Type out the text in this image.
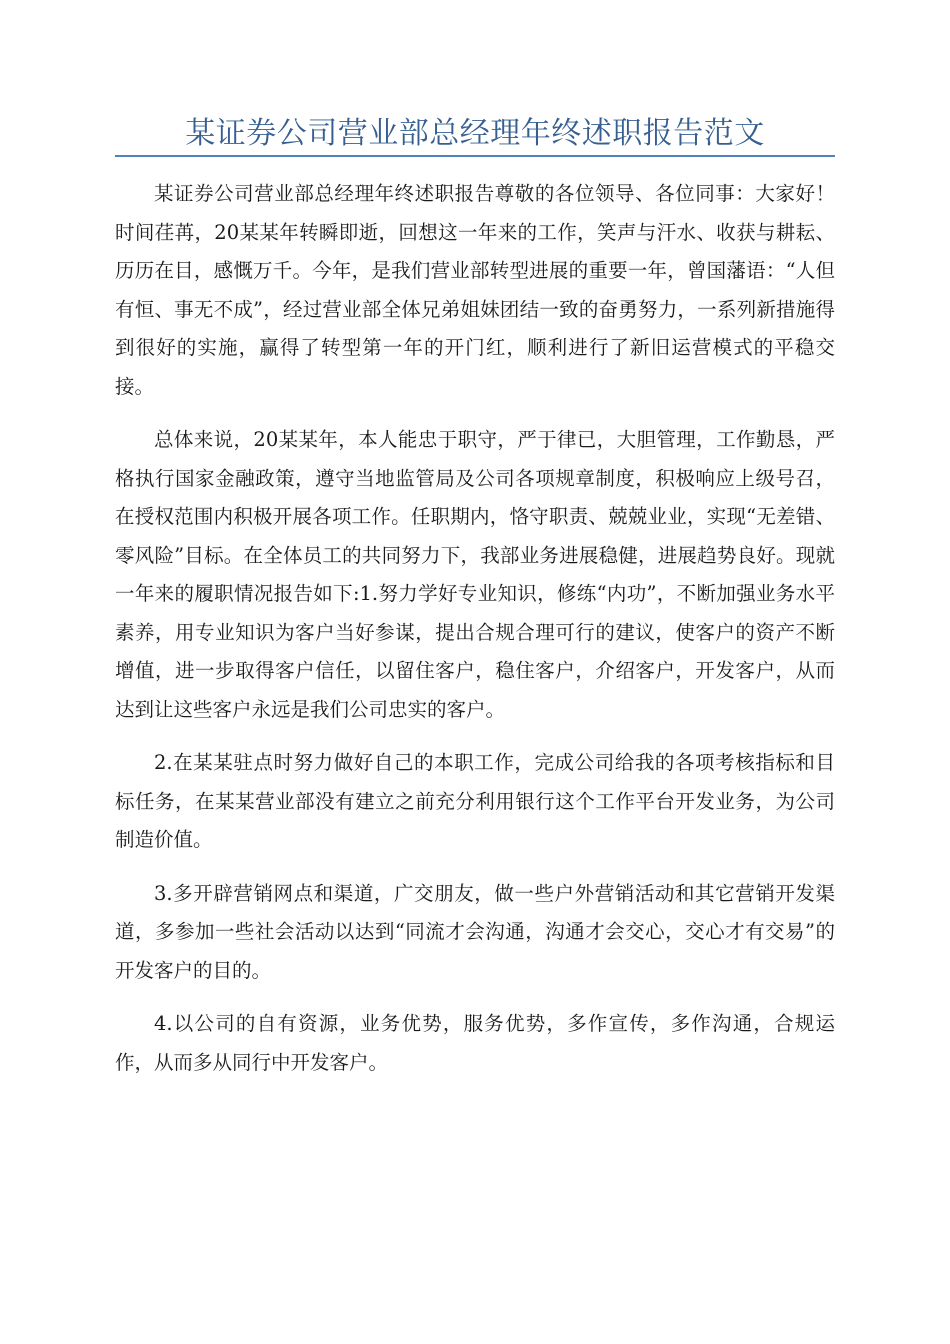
某证券公司营业部总经理年终述职报告范文

某证券公司营业部总经理年终述职报告尊敬的各位领导、各位同事：大家好！　时间荏苒，20某某年转瞬即逝，回想这一年来的工作，笑声与汗水、收获与耕耘、历历在目，感慨万千。今年，是我们营业部转型进展的重要一年，曾国藩语：“人但有恒、事无不成”，经过营业部全体兄弟姐妹团结一致的奋勇努力，一系列新措施得到很好的实施，赢得了转型第一年的开门红，顺利进行了新旧运营模式的平稳交接。

总体来说，20某某年，本人能忠于职守，严于律已，大胆管理，工作勤恳，严格执行国家金融政策，遵守当地监管局及公司各项规章制度，积极响应上级号召，在授权范围内积极开展各项工作。任职期内，恪守职责、兢兢业业，实现“无差错、零风险”目标。在全体员工的共同努力下，我部业务进展稳健，进展趋势良好。现就一年来的履职情况报告如下:1.努力学好专业知识，修练“内功”，不断加强业务水平素养，用专业知识为客户当好参谋，提出合规合理可行的建议，使客户的资产不断增值，进一步取得客户信任，以留住客户，稳住客户，介绍客户，开发客户，从而达到让这些客户永远是我们公司忠实的客户。

2.在某某驻点时努力做好自己的本职工作，完成公司给我的各项考核指标和目标任务，在某某营业部没有建立之前充分利用银行这个工作平台开发业务，为公司制造价值。

3.多开辟营销网点和渠道，广交朋友，做一些户外营销活动和其它营销开发渠道，多参加一些社会活动以达到“同流才会沟通，沟通才会交心，交心才有交易”的开发客户的目的。

4.以公司的自有资源，业务优势，服务优势，多作宣传，多作沟通，合规运作，从而多从同行中开发客户。
